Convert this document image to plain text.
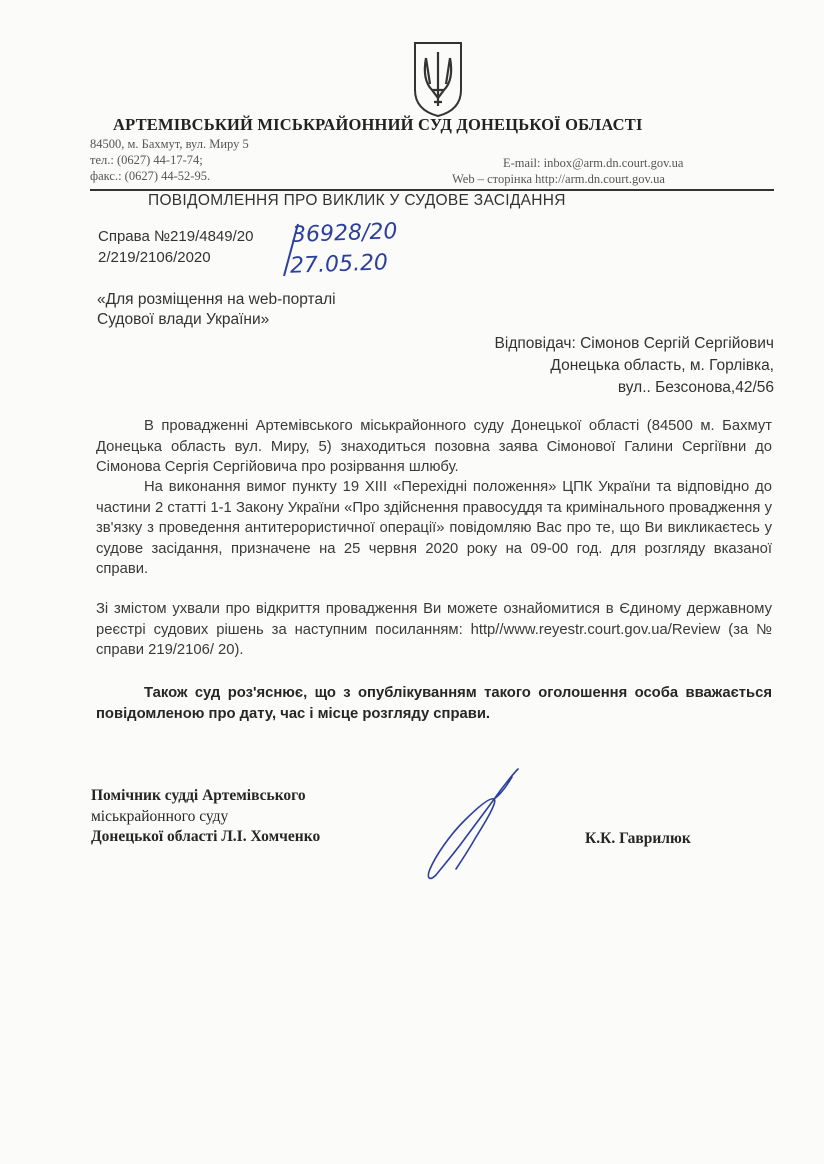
АРТЕМІВСЬКИЙ МІСЬКРАЙОННИЙ СУД ДОНЕЦЬКОЇ ОБЛАСТІ
84500, м. Бахмут, вул. Миру 5
тел.: (0627) 44-17-74;
факс.: (0627) 44-52-95.
E-mail: inbox@arm.dn.court.gov.ua
Web – сторінка http://arm.dn.court.gov.ua
ПОВІДОМЛЕННЯ ПРО ВИКЛИК У СУДОВЕ ЗАСІДАННЯ
Справа №219/4849/20
2/219/2106/2020
36928/20
27.05.20
«Для розміщення на web-порталі
Судової влади України»
Відповідач: Сімонов Сергій Сергійович
Донецька область, м. Горлівка,
вул.. Безсонова,42/56
В провадженні Артемівського міськрайонного суду Донецької області (84500 м. Бахмут Донецька область вул. Миру, 5) знаходиться позовна заява Сімонової Галини Сергіївни до Сімонова Сергія Сергійовича про розірвання шлюбу.
На виконання вимог пункту 19 XIII «Перехідні положення» ЦПК України та відповідно до частини 2 статті 1-1 Закону України «Про здійснення правосуддя та кримінального провадження у зв'язку з проведення антитерористичної операції» повідомляю Вас про те, що Ви викликаєтесь у судове засідання, призначене на 25 червня 2020 року на 09-00 год. для розгляду вказаної справи.
Зі змістом ухвали про відкриття провадження Ви можете ознайомитися в Єдиному державному реєстрі судових рішень за наступним посиланням: http//www.reyestr.court.gov.ua/Review (за № справи 219/2106/ 20).
Також суд роз'яснює, що з опублікуванням такого оголошення особа вважається повідомленою про дату, час і місце розгляду справи.
Помічник судді Артемівського
міськрайонного суду
Донецької області Л.І. Хомченко	К.К. Гаврилюк
